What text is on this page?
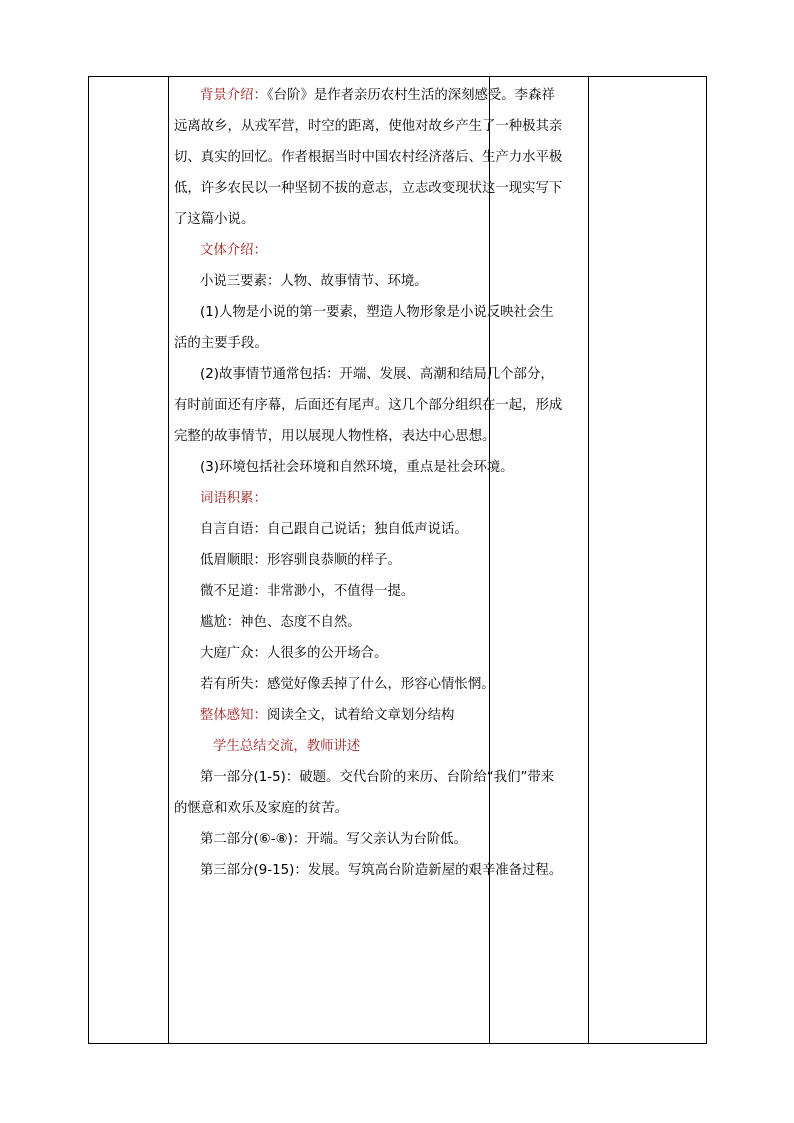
背景介绍：《台阶》是作者亲历农村生活的深刻感受。李森祥远离故乡，从戎军营，时空的距离，使他对故乡产生了一种极其亲切、真实的回忆。作者根据当时中国农村经济落后、生产力水平极低，许多农民以一种坚韧不拔的意志，立志改变现状这一现实写下了这篇小说。

文体介绍：

小说三要素：人物、故事情节、环境。

(1)人物是小说的第一要素，塑造人物形象是小说反映社会生活的主要手段。

(2)故事情节通常包括：开端、发展、高潮和结局几个部分，有时前面还有序幕，后面还有尾声。这几个部分组织在一起，形成完整的故事情节，用以展现人物性格，表达中心思想。

(3)环境包括社会环境和自然环境，重点是社会环境。

词语积累：

自言自语：自己跟自己说话；独自低声说话。

低眉顺眼：形容驯良恭顺的样子。

微不足道：非常渺小，不值得一提。

尴尬：神色、态度不自然。

大庭广众：人很多的公开场合。

若有所失：感觉好像丢掉了什么，形容心情怅惘。

整体感知：阅读全文，试着给文章划分结构

学生总结交流，教师讲述

第一部分(1-5)：破题。交代台阶的来历、台阶给“我们”带来的惬意和欢乐及家庭的贫苦。

第二部分(⑥-⑧)：开端。写父亲认为台阶低。

第三部分(9-15)：发展。写筑高台阶造新屋的艰辛准备过程。
